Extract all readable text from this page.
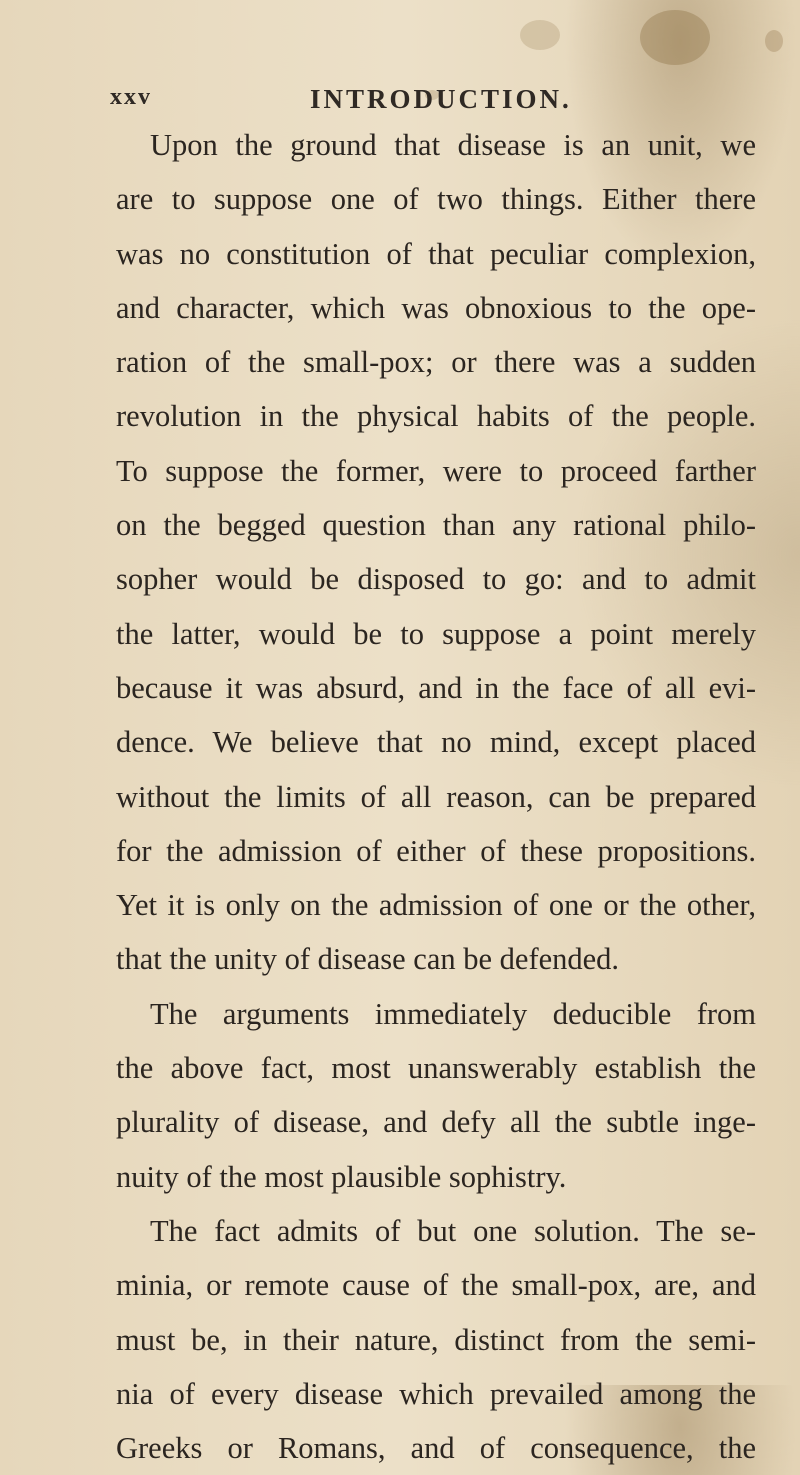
xxv	INTRODUCTION.
Upon the ground that disease is an unit, we
are to suppose one of two things. Either there
was no constitution of that peculiar complexion,
and character, which was obnoxious to the ope-
ration of the small-pox; or there was a sudden
revolution in the physical habits of the people.
To suppose the former, were to proceed farther
on the begged question than any rational philo-
sopher would be disposed to go: and to admit
the latter, would be to suppose a point merely
because it was absurd, and in the face of all evi-
dence. We believe that no mind, except placed
without the limits of all reason, can be prepared
for the admission of either of these propositions.
Yet it is only on the admission of one or the other,
that the unity of disease can be defended.
The arguments immediately deducible from
the above fact, most unanswerably establish the
plurality of disease, and defy all the subtle inge-
nuity of the most plausible sophistry.
The fact admits of but one solution. The se-
minia, or remote cause of the small-pox, are, and
must be, in their nature, distinct from the semi-
nia of every disease which prevailed among the
Greeks or Romans, and of consequence, the
